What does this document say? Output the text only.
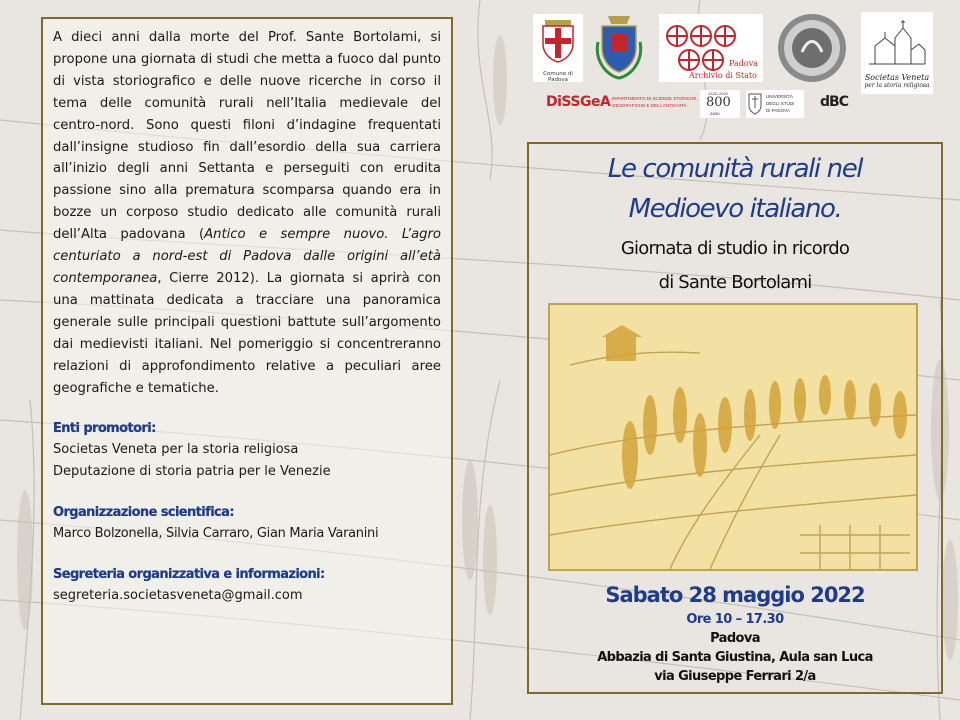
A dieci anni dalla morte del Prof. Sante Bortolami, si propone una giornata di studi che metta a fuoco dal punto di vista storiografico e delle nuove ricerche in corso il tema delle comunità rurali nell’Italia medievale del centro-nord. Sono questi filoni d’indagine frequentati dall’insigne studioso fin dall’esordio della sua carriera all’inizio degli anni Settanta e perseguiti con erudita passione sino alla prematura scomparsa quando era in bozze un corposo studio dedicato alle comunità rurali dell’Alta padovana (Antico e sempre nuovo. L’agro centuriato a nord-est di Padova dalle origini all’età contemporanea, Cierre 2012). La giornata si aprirà con una mattinata dedicata a tracciare una panoramica generale sulle principali questioni battute sull’argomento dai medievisti italiani. Nel pomeriggio si concentreranno relazioni di approfondimento relative a peculiari aree geografiche e tematiche.

Enti promotori:

Societas Veneta per la storia religiosa

Deputazione di storia patria per le Venezie

Organizzazione scientifica:

Marco Bolzonella, Silvia Carraro, Gian Maria Varanini

Segreteria organizzativa e informazioni:

segreteria.societasveneta@gmail.com

Comune di Padova
Padova
Archivio di Stato	Societas Veneta
per la storia religiosa
DiSSGeA DIPARTIMENTO DI SCIENZE STORICHE,
GEOGRAFICHE E DELL'ANTICHITÀ
1222–2022
800
ANNI
UNIVERSITÀ
DEGLI STUDI
DI PADOVA
dBC

Le comunità rurali nel

Medioevo italiano.

Giornata di studio in ricordo

di Sante Bortolami

Sabato 28 maggio 2022

Ore 10 – 17.30

Padova

Abbazia di Santa Giustina, Aula san Luca

via Giuseppe Ferrari 2/a
